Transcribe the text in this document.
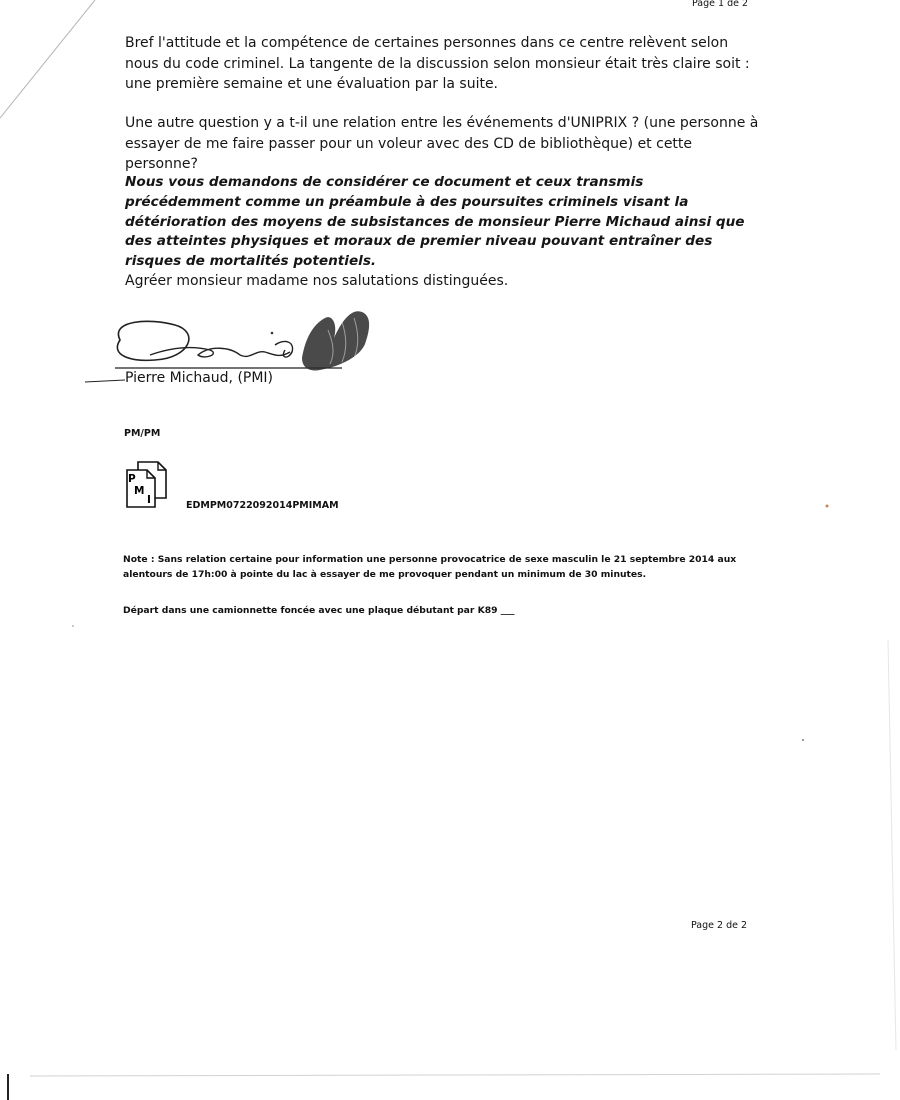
Page 1 de 2

Bref l'attitude et la compétence de certaines personnes dans ce centre relèvent selon nous du code criminel. La tangente de la discussion selon monsieur était très claire soit : une première semaine et une évaluation par la suite.

Une autre question y a t-il une relation entre les événements d'UNIPRIX ? (une personne à essayer de me faire passer pour un voleur avec des CD de bibliothèque) et cette personne?

Nous vous demandons de considérer ce document et ceux transmis précédemment comme un préambule à des poursuites criminels visant la détérioration des moyens de subsistances de monsieur Pierre Michaud ainsi que des atteintes physiques et moraux de premier niveau pouvant entraîner des risques de mortalités potentiels.

Agréer monsieur madame nos salutations distinguées.

Pierre Michaud, (PMI)
PM/PM
P
M
I	EDMPM0722092014PMIMAM

Note : Sans relation certaine pour information une personne provocatrice de sexe masculin le 21 septembre 2014 aux alentours de 17h:00 à pointe du lac à essayer de me provoquer pendant un minimum de 30 minutes.

Départ dans une camionnette foncée avec une plaque débutant par K89 ___
Page 2 de 2
